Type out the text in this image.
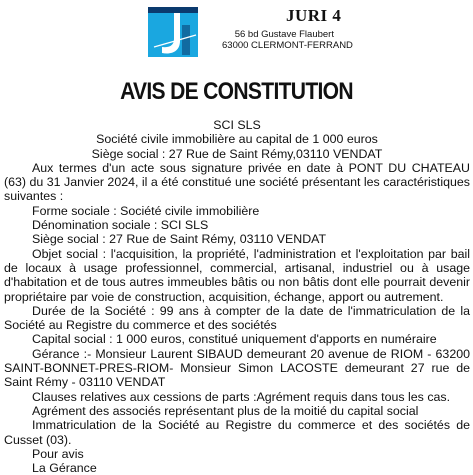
JURI 4
56 bd Gustave Flaubert
63000 CLERMONT-FERRAND
AVIS DE CONSTITUTION
SCI SLS
Société civile immobilière au capital de 1 000 euros
Siège social : 27 Rue de Saint Rémy,03110 VENDAT

Aux termes d'un acte sous signature privée en date à PONT DU CHATEAU (63) du 31 Janvier 2024, il a été constitué une société présentant les caractéristiques suivantes :

Forme sociale : Société civile immobilière

Dénomination sociale : SCI SLS

Siège social : 27 Rue de Saint Rémy, 03110 VENDAT

Objet social : l'acquisition, la propriété, l'administration et l'exploitation par bail de locaux à usage professionnel, commercial, artisanal, industriel ou à usage d'habitation et de tous autres immeubles bâtis ou non bâtis dont elle pourrait devenir propriétaire par voie de construction, acquisition, échange, apport ou autrement.

Durée de la Société : 99 ans à compter de la date de l'immatriculation de la Société au Registre du commerce et des sociétés

Capital social : 1 000 euros, constitué uniquement d'apports en numéraire

Gérance :- Monsieur Laurent SIBAUD demeurant 20 avenue de RIOM - 63200 SAINT-BONNET-PRES-RIOM- Monsieur Simon LACOSTE demeurant 27 rue de Saint Rémy - 03110 VENDAT

Clauses relatives aux cessions de parts :Agrément requis dans tous les cas.

Agrément des associés représentant plus de la moitié du capital social

Immatriculation de la Société au Registre du commerce et des sociétés de Cusset (03).

Pour avis

La Gérance
